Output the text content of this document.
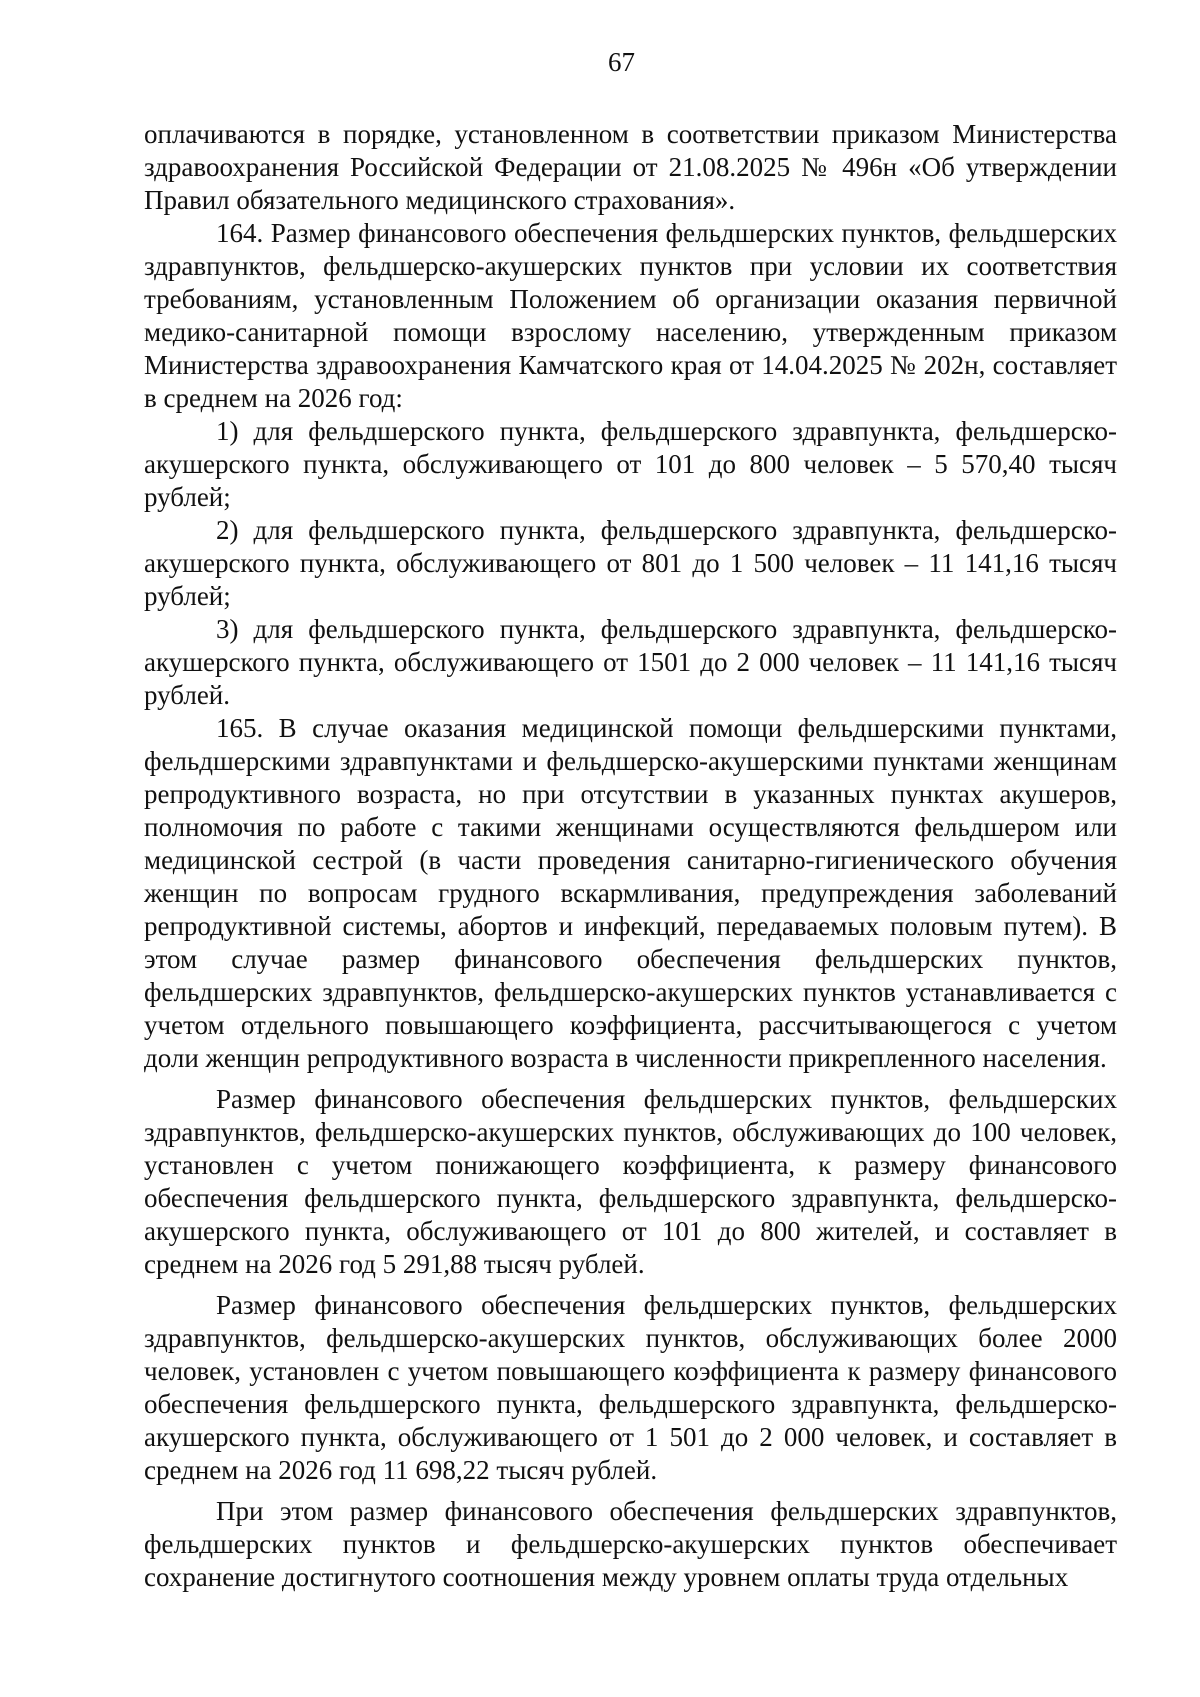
67

оплачиваются в порядке, установленном в соответствии приказом Министерства здравоохранения Российской Федерации от 21.08.2025 № 496н «Об утверждении Правил обязательного медицинского страхования».

164. Размер финансового обеспечения фельдшерских пунктов, фельдшерских здравпунктов, фельдшерско-акушерских пунктов при условии их соответствия требованиям, установленным Положением об организации оказания первичной медико-санитарной помощи взрослому населению, утвержденным приказом Министерства здравоохранения Камчатского края от 14.04.2025 № 202н, составляет в среднем на 2026 год:

1) для фельдшерского пункта, фельдшерского здравпункта, фельдшерско-акушерского пункта, обслуживающего от 101 до 800 человек – 5 570,40 тысяч рублей;

2) для фельдшерского пункта, фельдшерского здравпункта, фельдшерско-акушерского пункта, обслуживающего от 801 до 1 500 человек – 11 141,16 тысяч рублей;

3) для фельдшерского пункта, фельдшерского здравпункта, фельдшерско-акушерского пункта, обслуживающего от 1501 до 2 000 человек – 11 141,16 тысяч рублей.

165. В случае оказания медицинской помощи фельдшерскими пунктами, фельдшерскими здравпунктами и фельдшерско-акушерскими пунктами женщинам репродуктивного возраста, но при отсутствии в указанных пунктах акушеров, полномочия по работе с такими женщинами осуществляются фельдшером или медицинской сестрой (в части проведения санитарно-гигиенического обучения женщин по вопросам грудного вскармливания, предупреждения заболеваний репродуктивной системы, абортов и инфекций, передаваемых половым путем). В этом случае размер финансового обеспечения фельдшерских пунктов, фельдшерских здравпунктов, фельдшерско-акушерских пунктов устанавливается с учетом отдельного повышающего коэффициента, рассчитывающегося с учетом доли женщин репродуктивного возраста в численности прикрепленного населения.

Размер финансового обеспечения фельдшерских пунктов, фельдшерских здравпунктов, фельдшерско-акушерских пунктов, обслуживающих до 100 человек, установлен с учетом понижающего коэффициента, к размеру финансового обеспечения фельдшерского пункта, фельдшерского здравпункта, фельдшерско-акушерского пункта, обслуживающего от 101 до 800 жителей, и составляет в среднем на 2026 год 5 291,88 тысяч рублей.

Размер финансового обеспечения фельдшерских пунктов, фельдшерских здравпунктов, фельдшерско-акушерских пунктов, обслуживающих более 2000 человек, установлен с учетом повышающего коэффициента к размеру финансового обеспечения фельдшерского пункта, фельдшерского здравпункта, фельдшерско-акушерского пункта, обслуживающего от 1 501 до 2 000 человек, и составляет в среднем на 2026 год 11 698,22 тысяч рублей.

При этом размер финансового обеспечения фельдшерских здравпунктов, фельдшерских пунктов и фельдшерско-акушерских пунктов обеспечивает сохранение достигнутого соотношения между уровнем оплаты труда отдельных
